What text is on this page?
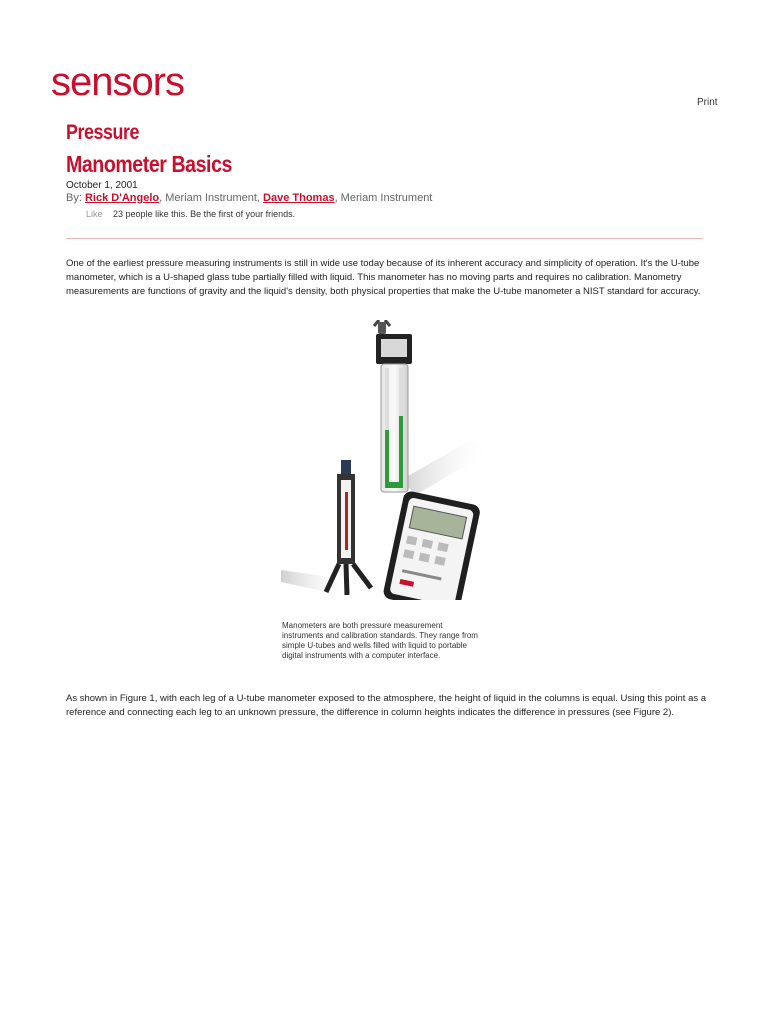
sensors	Print
Pressure
Manometer Basics
October 1, 2001
By: Rick D'Angelo, Meriam Instrument, Dave Thomas, Meriam Instrument
Like 23 people like this. Be the first of your friends.
One of the earliest pressure measuring instruments is still in wide use today because of its inherent accuracy and simplicity of operation. It's the U-tube manometer, which is a U-shaped glass tube partially filled with liquid. This manometer has no moving parts and requires no calibration. Manometry measurements are functions of gravity and the liquid's density, both physical properties that make the U-tube manometer a NIST standard for accuracy.
Manometers are both pressure measurement instruments and calibration standards. They range from simple U-tubes and wells filled with liquid to portable digital instruments with a computer interface.
As shown in Figure 1, with each leg of a U-tube manometer exposed to the atmosphere, the height of liquid in the columns is equal. Using this point as a reference and connecting each leg to an unknown pressure, the difference in column heights indicates the difference in pressures (see Figure 2).
